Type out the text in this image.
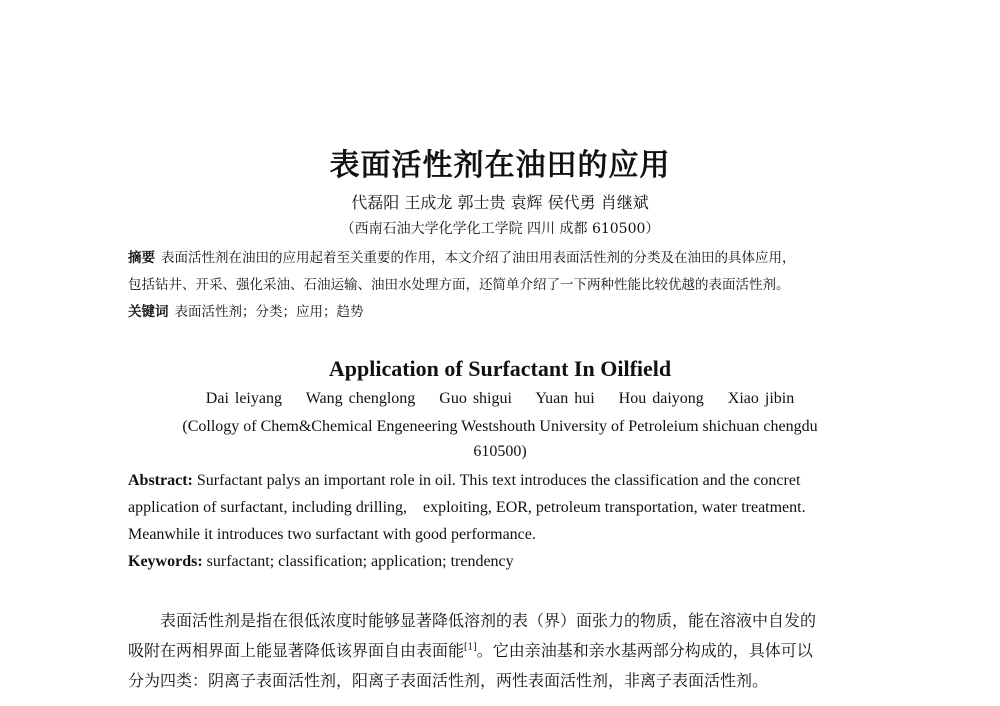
表面活性剂在油田的应用
代磊阳 王成龙 郭士贵 袁辉 侯代勇 肖继斌
（西南石油大学化学化工学院 四川 成都 610500）
摘要 表面活性剂在油田的应用起着至关重要的作用，本文介绍了油田用表面活性剂的分类及在油田的具体应用，
包括钻井、开采、强化采油、石油运输、油田水处理方面，还简单介绍了一下两种性能比较优越的表面活性剂。
关键词 表面活性剂；分类；应用；趋势
Application of Surfactant In Oilfield
Dai leiyang    Wang chenglong    Guo shigui    Yuan hui    Hou daiyong    Xiao jibin
(Collogy of Chem&Chemical Engeneering Westshouth University of Petroleium shichuan chengdu
610500)
Abstract: Surfactant palys an important role in oil. This text introduces the classification and the concret
application of surfactant, including drilling,    exploiting, EOR, petroleum transportation, water treatment.
Meanwhile it introduces two surfactant with good performance.
Keywords: surfactant; classification; application; trendency
表面活性剂是指在很低浓度时能够显著降低溶剂的表（界）面张力的物质，能在溶液中自发的
吸附在两相界面上能显著降低该界面自由表面能[1]。它由亲油基和亲水基两部分构成的，具体可以
分为四类：阴离子表面活性剂，阳离子表面活性剂，两性表面活性剂，非离子表面活性剂。
